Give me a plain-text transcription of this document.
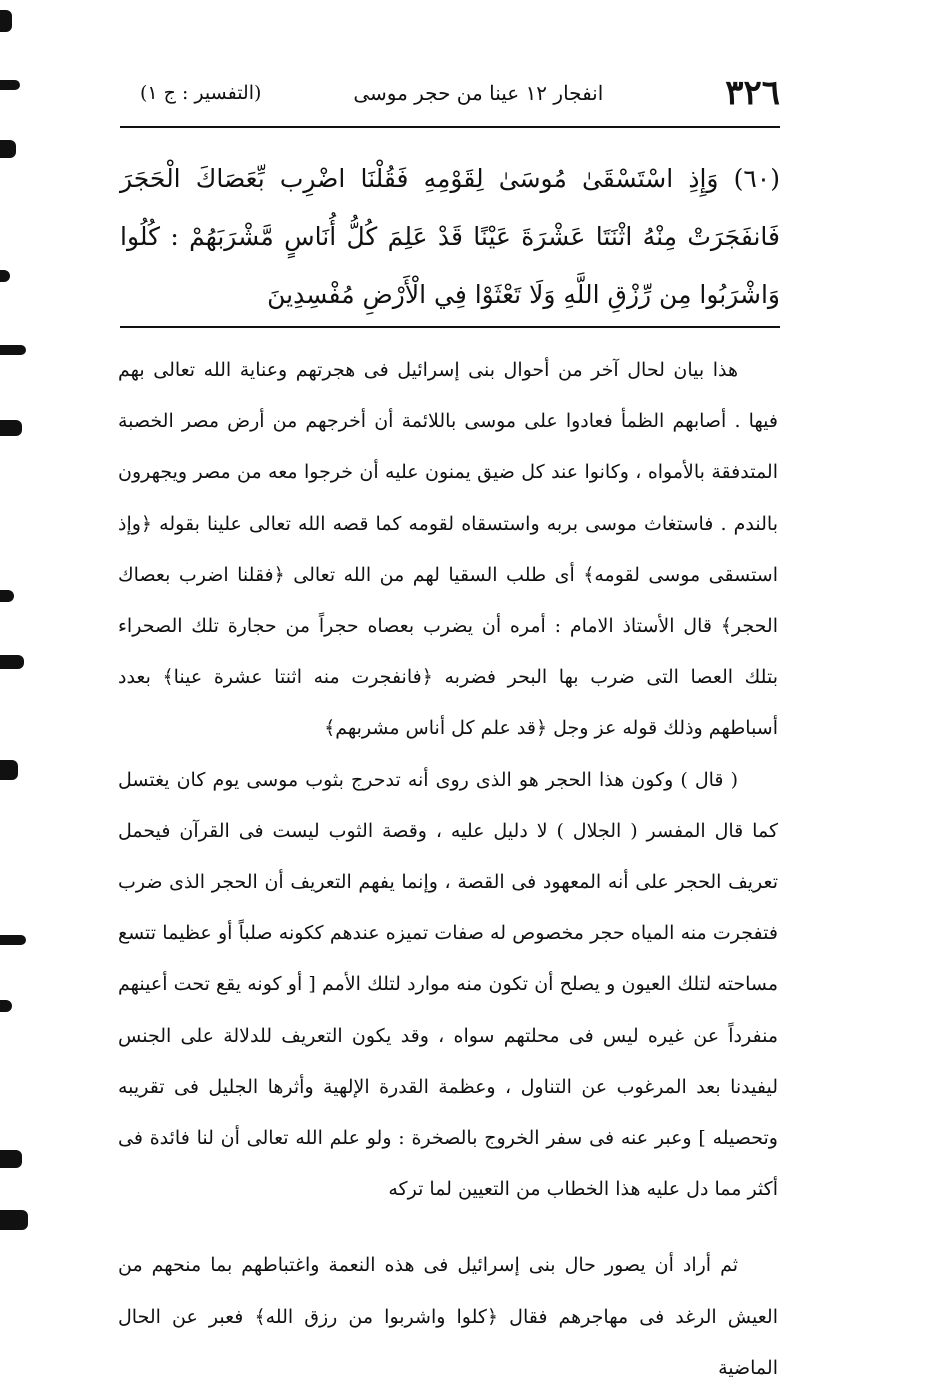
٣٢٦
انفجار ١٢ عينا من حجر موسى
(التفسير : ج ١)
(٦٠) وَإِذِ اسْتَسْقَىٰ مُوسَىٰ لِقَوْمِهِ فَقُلْنَا اضْرِب بِّعَصَاكَ الْحَجَرَ فَانفَجَرَتْ مِنْهُ اثْنَتَا عَشْرَةَ عَيْنًا قَدْ عَلِمَ كُلُّ أُنَاسٍ مَّشْرَبَهُمْ : كُلُوا وَاشْرَبُوا مِن رِّزْقِ اللَّهِ وَلَا تَعْثَوْا فِي الْأَرْضِ مُفْسِدِينَ

هذا بيان لحال آخر من أحوال بنى إسرائيل فى هجرتهم وعناية الله تعالى بهم فيها . أصابهم الظمأ فعادوا على موسى باللائمة أن أخرجهم من أرض مصر الخصبة المتدفقة بالأمواه ، وكانوا عند كل ضيق يمنون عليه أن خرجوا معه من مصر ويجهرون بالندم . فاستغاث موسى بربه واستسقاه لقومه كما قصه الله تعالى علينا بقوله ﴿وإذ استسقى موسى لقومه﴾ أى طلب السقيا لهم من الله تعالى ﴿فقلنا اضرب بعصاك الحجر﴾ قال الأستاذ الامام : أمره أن يضرب بعصاه حجراً من حجارة تلك الصحراء بتلك العصا التى ضرب بها البحر فضربه ﴿فانفجرت منه اثنتا عشرة عينا﴾ بعدد أسباطهم وذلك قوله عز وجل ﴿قد علم كل أناس مشربهم﴾

( قال ) وكون هذا الحجر هو الذى روى أنه تدحرج بثوب موسى يوم كان يغتسل كما قال المفسر ( الجلال ) لا دليل عليه ، وقصة الثوب ليست فى القرآن فيحمل تعريف الحجر على أنه المعهود فى القصة ، وإنما يفهم التعريف أن الحجر الذى ضرب فتفجرت منه المياه حجر مخصوص له صفات تميزه عندهم ككونه صلباً أو عظيما تتسع مساحته لتلك العيون و يصلح أن تكون منه موارد لتلك الأمم [ أو كونه يقع تحت أعينهم منفرداً عن غيره ليس فى محلتهم سواه ، وقد يكون التعريف للدلالة على الجنس ليفيدنا بعد المرغوب عن التناول ، وعظمة القدرة الإلهية وأثرها الجليل فى تقريبه وتحصيله ] وعبر عنه فى سفر الخروج بالصخرة : ولو علم الله تعالى أن لنا فائدة فى أكثر مما دل عليه هذا الخطاب من التعيين لما تركه

ثم أراد أن يصور حال بنى إسرائيل فى هذه النعمة واغتباطهم بما منحهم من العيش الرغد فى مهاجرهم فقال ﴿كلوا واشربوا من رزق الله﴾ فعبر عن الحال الماضية
